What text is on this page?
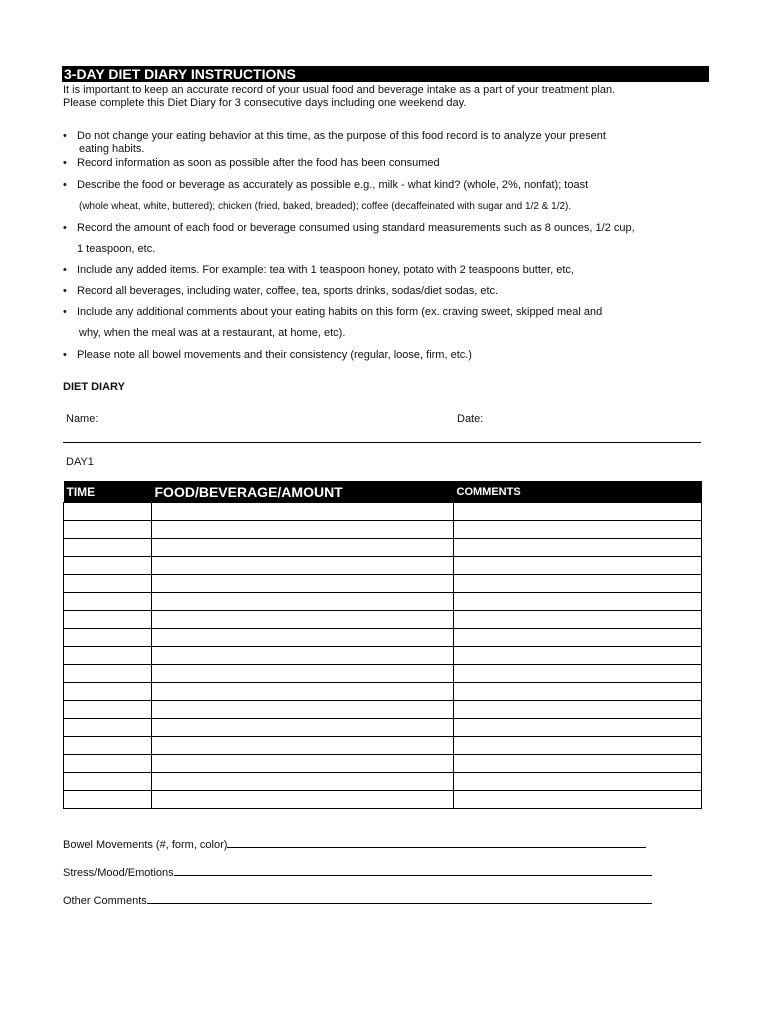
3-DAY DIET DIARY INSTRUCTIONS
It is important to keep an accurate record of your usual food and beverage intake as a part of your treatment plan.
Please complete this Diet Diary for 3 consecutive days including one weekend day.
• Do not change your eating behavior at this time, as the purpose of this food record is to analyze your present
eating habits.
• Record information as soon as possible after the food has been consumed
• Describe the food or beverage as accurately as possible e.g., milk - what kind? (whole, 2%, nonfat); toast
(whole wheat, white, buttered); chicken (fried, baked, breaded); coffee (decaffeinated with sugar and 1/2 & 1/2).
• Record the amount of each food or beverage consumed using standard measurements such as 8 ounces, 1/2 cup,
1 teaspoon, etc.
• Include any added items. For example: tea with 1 teaspoon honey, potato with 2 teaspoons butter, etc,
• Record all beverages, including water, coffee, tea, sports drinks, sodas/diet sodas, etc.
• Include any additional comments about your eating habits on this form (ex. craving sweet, skipped meal and
why, when the meal was at a restaurant, at home, etc).
• Please note all bowel movements and their consistency (regular, loose, firm, etc.)
DIET DIARY
Name:	Date:
DAY1
TIME	FOOD/BEVERAGE/AMOUNT	COMMENTS

Bowel Movements (#, form, color)
Stress/Mood/Emotions
Other Comments
